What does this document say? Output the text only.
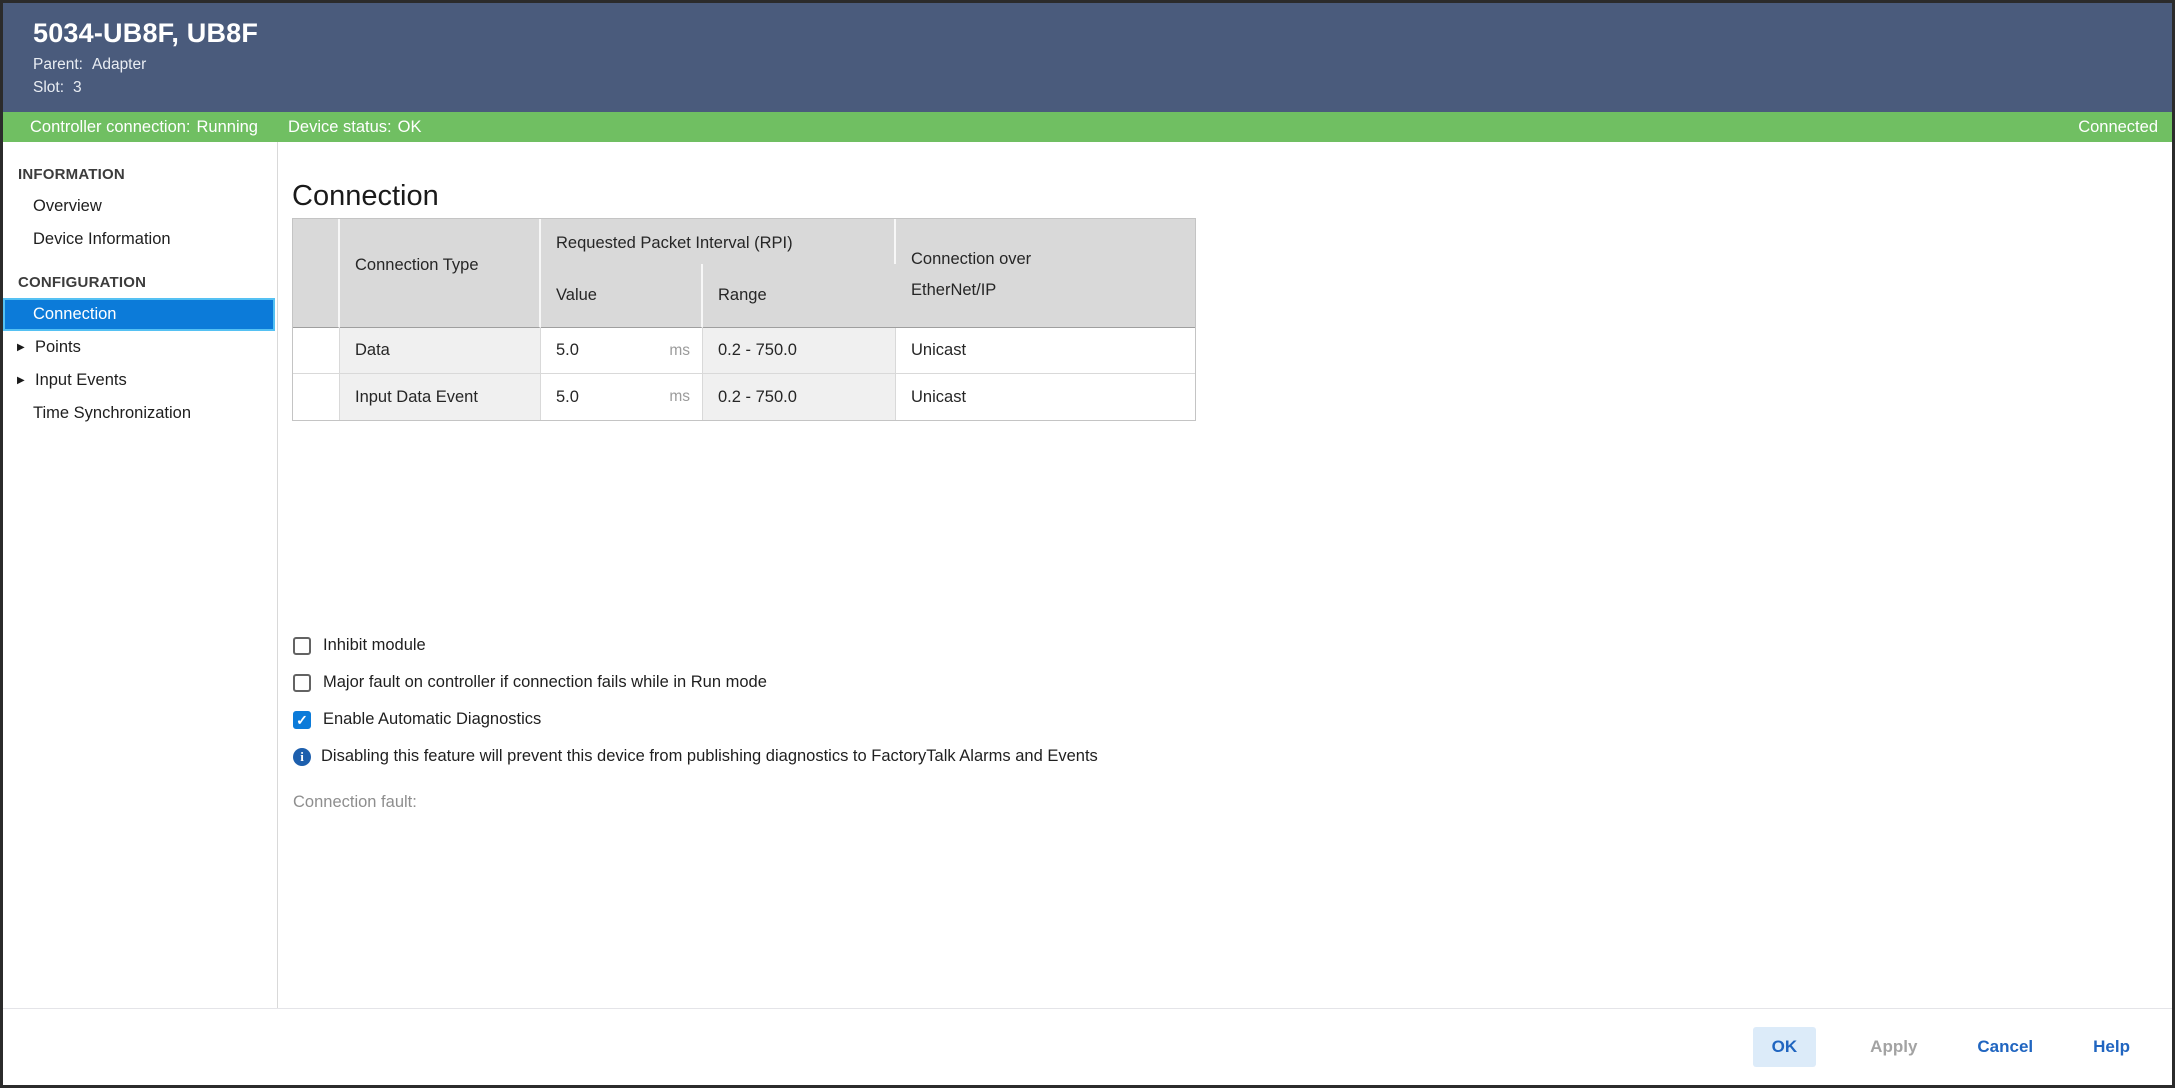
5034-UB8F, UB8F
Parent: Adapter
Slot: 3
Controller connection: Running Device status: OK	Connected
INFORMATION
Overview
Device Information
CONFIGURATION
Connection
▶ Points
▶ Input Events
Time Synchronization
Connection
	Connection Type	Requested Packet Interval (RPI)		Connection over EtherNet/IP
		Value	Range	
	Data	5.0 ms	0.2 - 750.0	Unicast
	Input Data Event	5.0 ms	0.2 - 750.0	Unicast
Inhibit module
Major fault on controller if connection fails while in Run mode
✓ Enable Automatic Diagnostics
i	Disabling this feature will prevent this device from publishing diagnostics to FactoryTalk Alarms and Events
Connection fault:
OK	Apply	Cancel	Help
